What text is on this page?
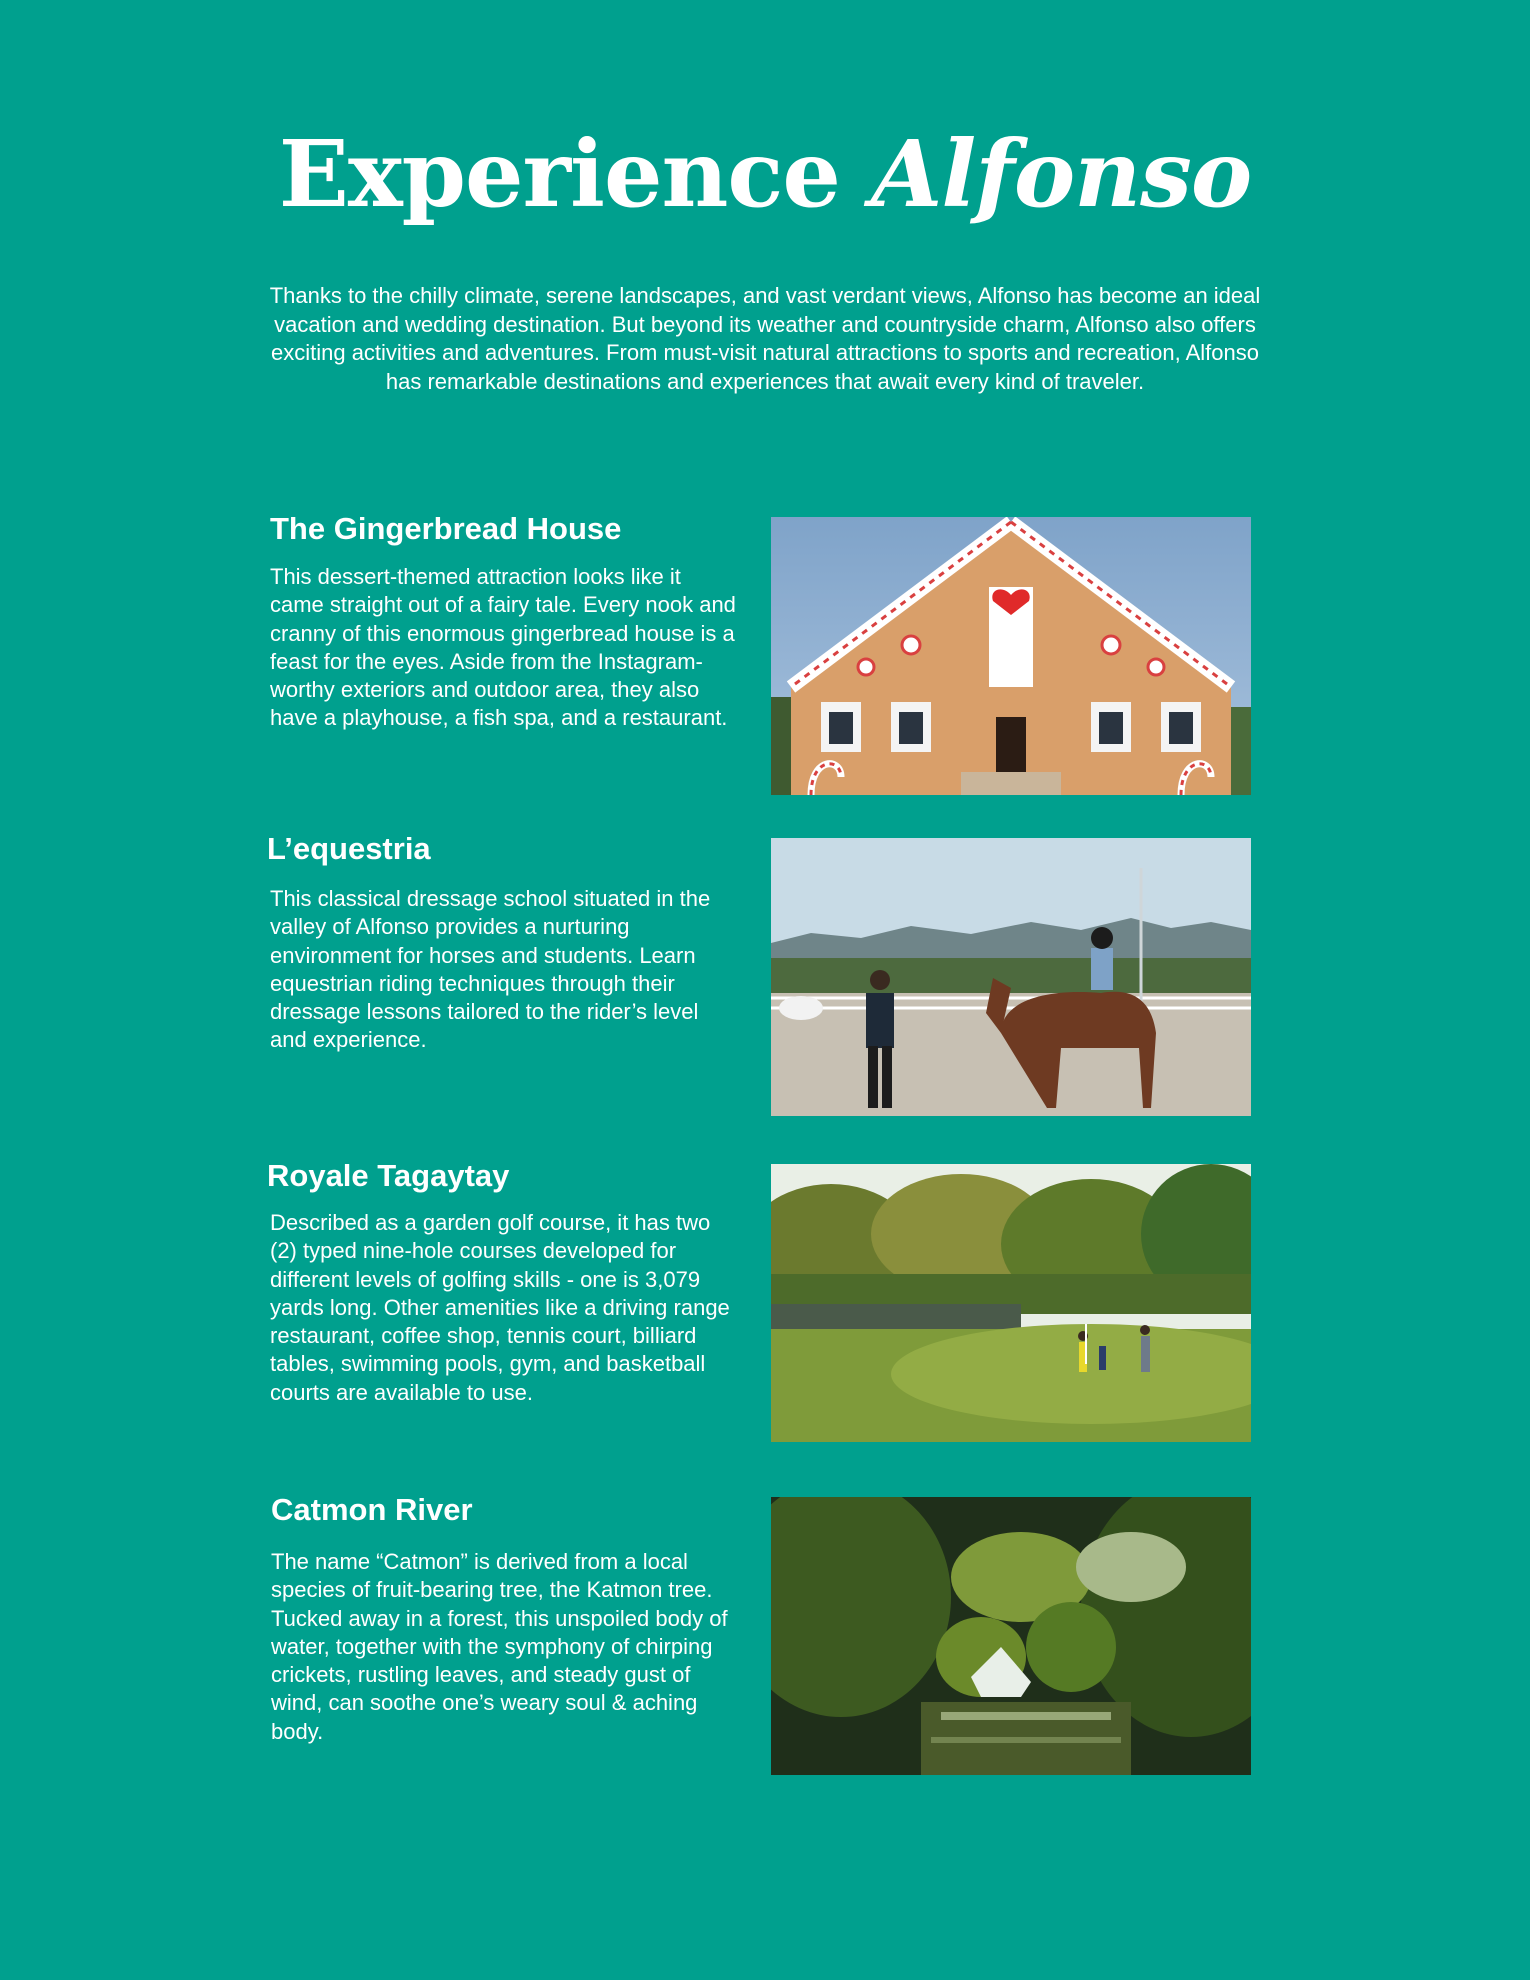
Experience Alfonso

Thanks to the chilly climate, serene landscapes, and vast verdant views, Alfonso has become an ideal vacation and wedding destination. But beyond its weather and countryside charm, Alfonso also offers exciting activities and adventures. From must-visit natural attractions to sports and recreation, Alfonso has remarkable destinations and experiences that await every kind of traveler.

The Gingerbread House

This dessert-themed attraction looks like it came straight out of a fairy tale. Every nook and cranny of this enormous gingerbread house is a feast for the eyes. Aside from the Instagram-worthy exteriors and outdoor area, they also have a playhouse, a fish spa, and a restaurant.

L’equestria

This classical dressage school situated in the valley of Alfonso provides a nurturing environment for horses and students. Learn equestrian riding techniques through their dressage lessons tailored to the rider’s level and experience.

Royale Tagaytay

Described as a garden golf course, it has two (2) typed nine-hole courses developed for different levels of golfing skills - one is 3,079 yards long. Other amenities like a driving range restaurant, coffee shop, tennis court, billiard tables, swimming pools, gym, and basketball courts are available to use.

Catmon River

The name “Catmon” is derived from a local species of fruit-bearing tree, the Katmon tree. Tucked away in a forest, this unspoiled body of water, together with the symphony of chirping crickets, rustling leaves, and steady gust of wind, can soothe one’s weary soul & aching body.
